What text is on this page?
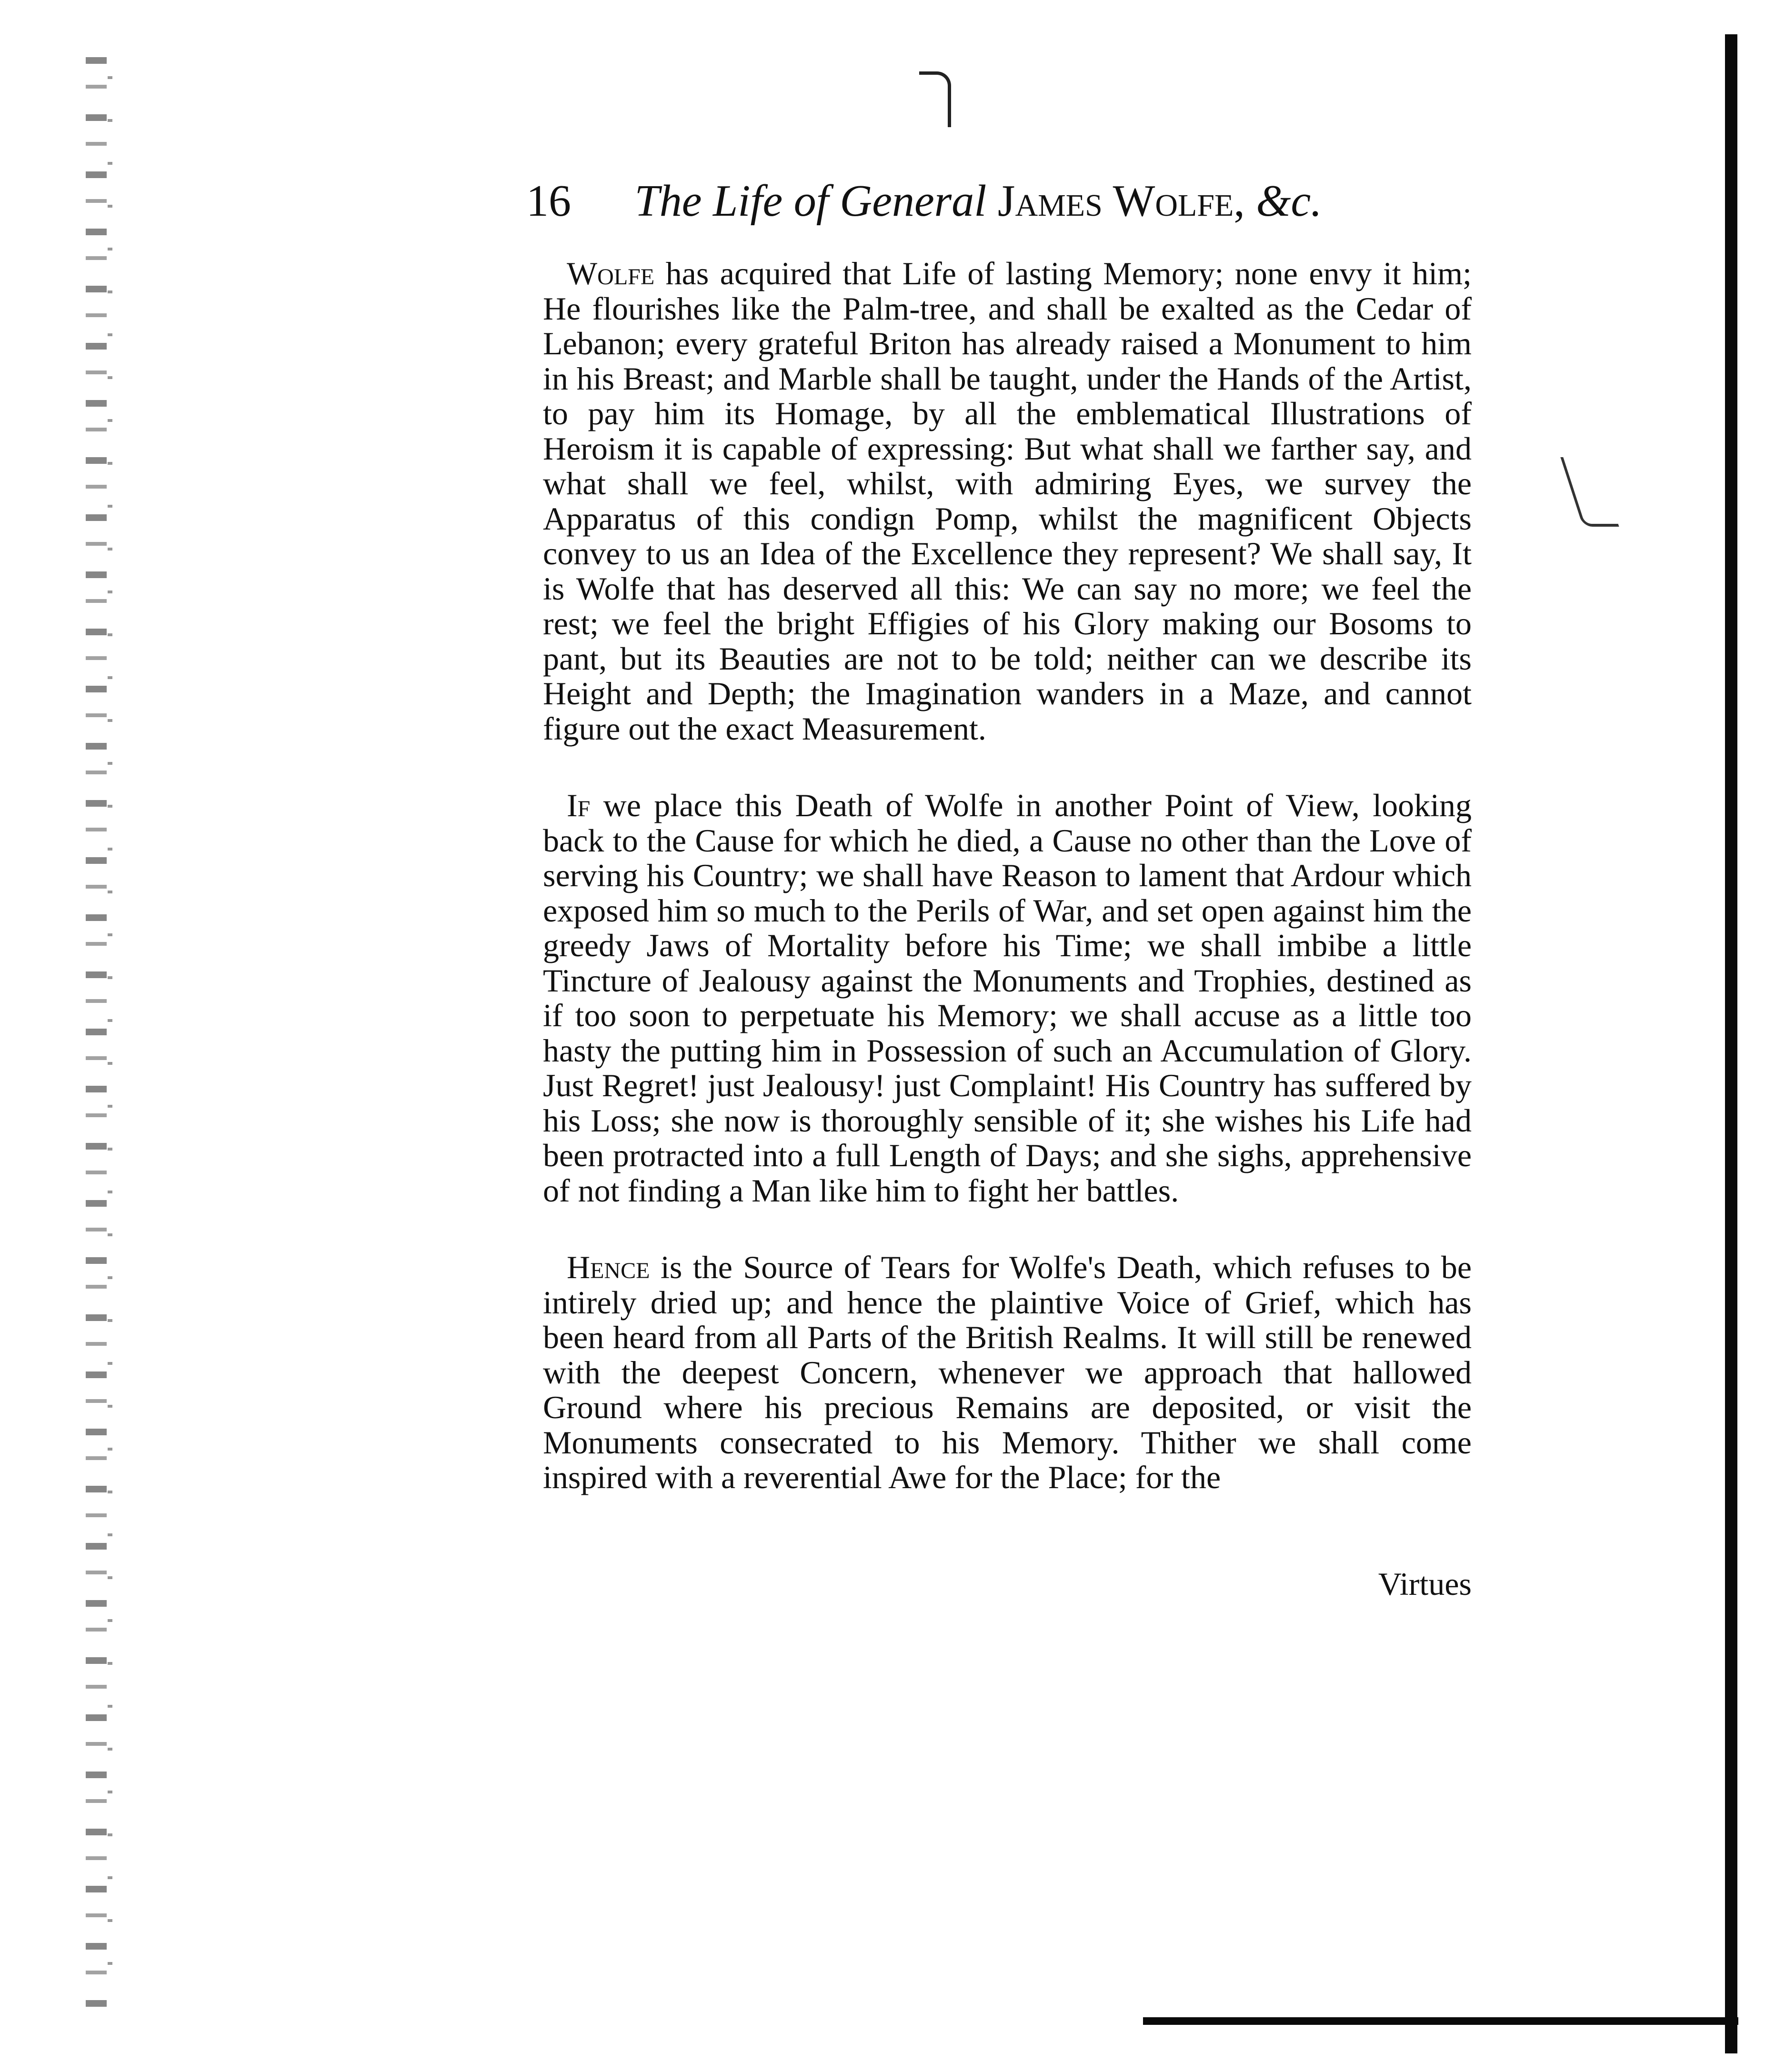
16 The Life of General James Wolfe, &c.

Wolfe has acquired that Life of lasting Memory; none envy it him; He flourishes like the Palm-tree, and shall be exalted as the Cedar of Lebanon; every grateful Briton has already raised a Monument to him in his Breast; and Marble shall be taught, under the Hands of the Artist, to pay him its Homage, by all the emblematical Illustrations of Heroism it is capable of expressing: But what shall we farther say, and what shall we feel, whilst, with admiring Eyes, we survey the Apparatus of this condign Pomp, whilst the magnificent Objects convey to us an Idea of the Excellence they represent? We shall say, It is Wolfe that has deserved all this: We can say no more; we feel the rest; we feel the bright Effigies of his Glory making our Bosoms to pant, but its Beauties are not to be told; neither can we describe its Height and Depth; the Imagination wanders in a Maze, and cannot figure out the exact Measurement.

If we place this Death of Wolfe in another Point of View, looking back to the Cause for which he died, a Cause no other than the Love of serving his Country; we shall have Reason to lament that Ardour which exposed him so much to the Perils of War, and set open against him the greedy Jaws of Mortality before his Time; we shall imbibe a little Tincture of Jealousy against the Monuments and Trophies, destined as if too soon to perpetuate his Memory; we shall accuse as a little too hasty the putting him in Possession of such an Accumulation of Glory. Just Regret! just Jealousy! just Complaint! His Country has suffered by his Loss; she now is thoroughly sensible of it; she wishes his Life had been protracted into a full Length of Days; and she sighs, apprehensive of not finding a Man like him to fight her battles.

Hence is the Source of Tears for Wolfe's Death, which refuses to be intirely dried up; and hence the plaintive Voice of Grief, which has been heard from all Parts of the British Realms. It will still be renewed with the deepest Concern, whenever we approach that hallowed Ground where his precious Remains are deposited, or visit the Monuments consecrated to his Memory. Thither we shall come inspired with a reverential Awe for the Place; for the

Virtues
